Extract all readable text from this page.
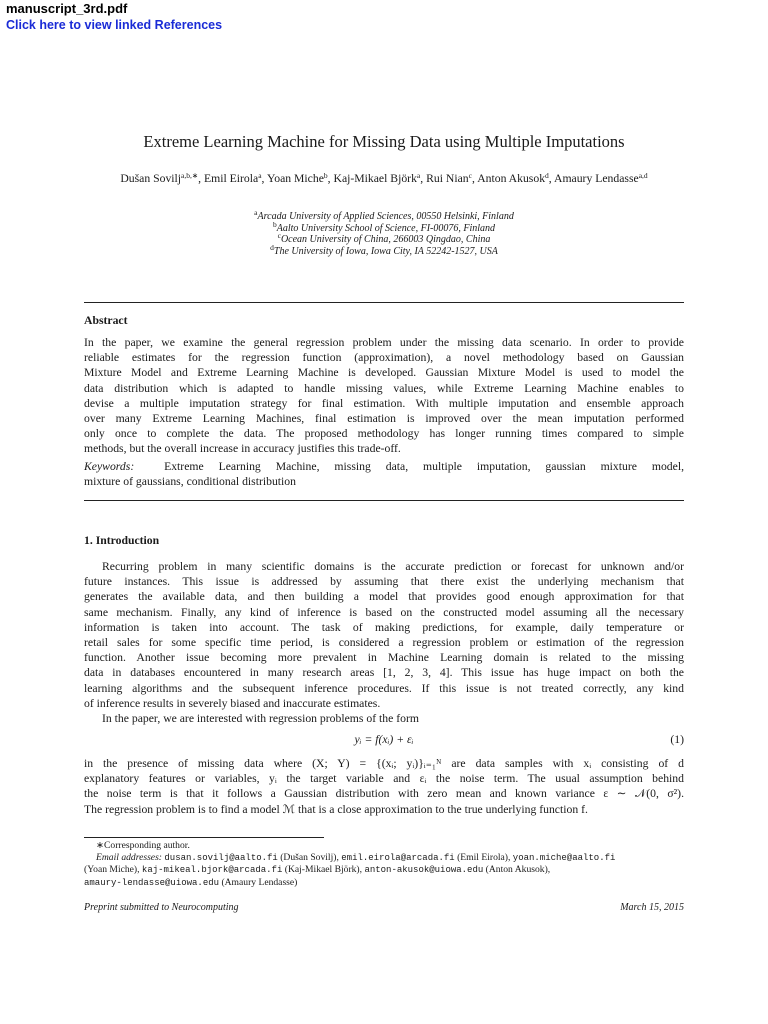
manuscript_3rd.pdf
Click here to view linked References
Extreme Learning Machine for Missing Data using Multiple Imputations
Dušan Sovilj$^{a,b,∗}$, Emil Eirola$^a$, Yoan Miche$^b$, Kaj-Mikael Björk$^a$, Rui Nian$^c$, Anton Akusok$^d$, Amaury Lendasse$^{a,d}$
$^a$Arcada University of Applied Sciences, 00550 Helsinki, Finland
$^b$Aalto University School of Science, FI-00076, Finland
$^c$Ocean University of China, 266003 Qingdao, China
$^d$The University of Iowa, Iowa City, IA 52242-1527, USA
Abstract
In the paper, we examine the general regression problem under the missing data scenario. In order to provide
reliable estimates for the regression function (approximation), a novel methodology based on Gaussian
Mixture Model and Extreme Learning Machine is developed. Gaussian Mixture Model is used to model the
data distribution which is adapted to handle missing values, while Extreme Learning Machine enables to
devise a multiple imputation strategy for final estimation. With multiple imputation and ensemble approach
over many Extreme Learning Machines, final estimation is improved over the mean imputation performed
only once to complete the data. The proposed methodology has longer running times compared to simple
methods, but the overall increase in accuracy justifies this trade-off.
Keywords:	Extreme Learning Machine, missing data, multiple imputation, gaussian mixture model,
mixture of gaussians, conditional distribution
1. Introduction
Recurring problem in many scientific domains is the accurate prediction or forecast for unknown and/or
future instances. This issue is addressed by assuming that there exist the underlying mechanism that
generates the available data, and then building a model that provides good enough approximation for that
same mechanism. Finally, any kind of inference is based on the constructed model assuming all the necessary
information is taken into account. The task of making predictions, for example, daily temperature or
retail sales for some specific time period, is considered a regression problem or estimation of the regression
function. Another issue becoming more prevalent in Machine Learning domain is related to the missing
data in databases encountered in many research areas [1, 2, 3, 4]. This issue has huge impact on both the
learning algorithms and the subsequent inference procedures. If this issue is not treated correctly, any kind
of inference results in severely biased and inaccurate estimates.
In the paper, we are interested with regression problems of the form
yᵢ = f(xᵢ) + εᵢ	(1)
in the presence of missing data where (X; Y) = {(xᵢ; yᵢ)}ᵢ₌₁ᴺ are data samples with xᵢ consisting of d
explanatory features or variables, yᵢ the target variable and εᵢ the noise term. The usual assumption behind
the noise term is that it follows a Gaussian distribution with zero mean and known variance ε ∼ 𝒩(0, σ²).
The regression problem is to find a model ℳ that is a close approximation to the true underlying function f.
∗Corresponding author.
Email addresses: dusan.sovilj@aalto.fi (Dušan Sovilj), emil.eirola@arcada.fi (Emil Eirola), yoan.miche@aalto.fi
(Yoan Miche), kaj-mikeal.bjork@arcada.fi (Kaj-Mikael Björk), anton-akusok@uiowa.edu (Anton Akusok),
amaury-lendasse@uiowa.edu (Amaury Lendasse)
Preprint submitted to Neurocomputing	March 15, 2015
